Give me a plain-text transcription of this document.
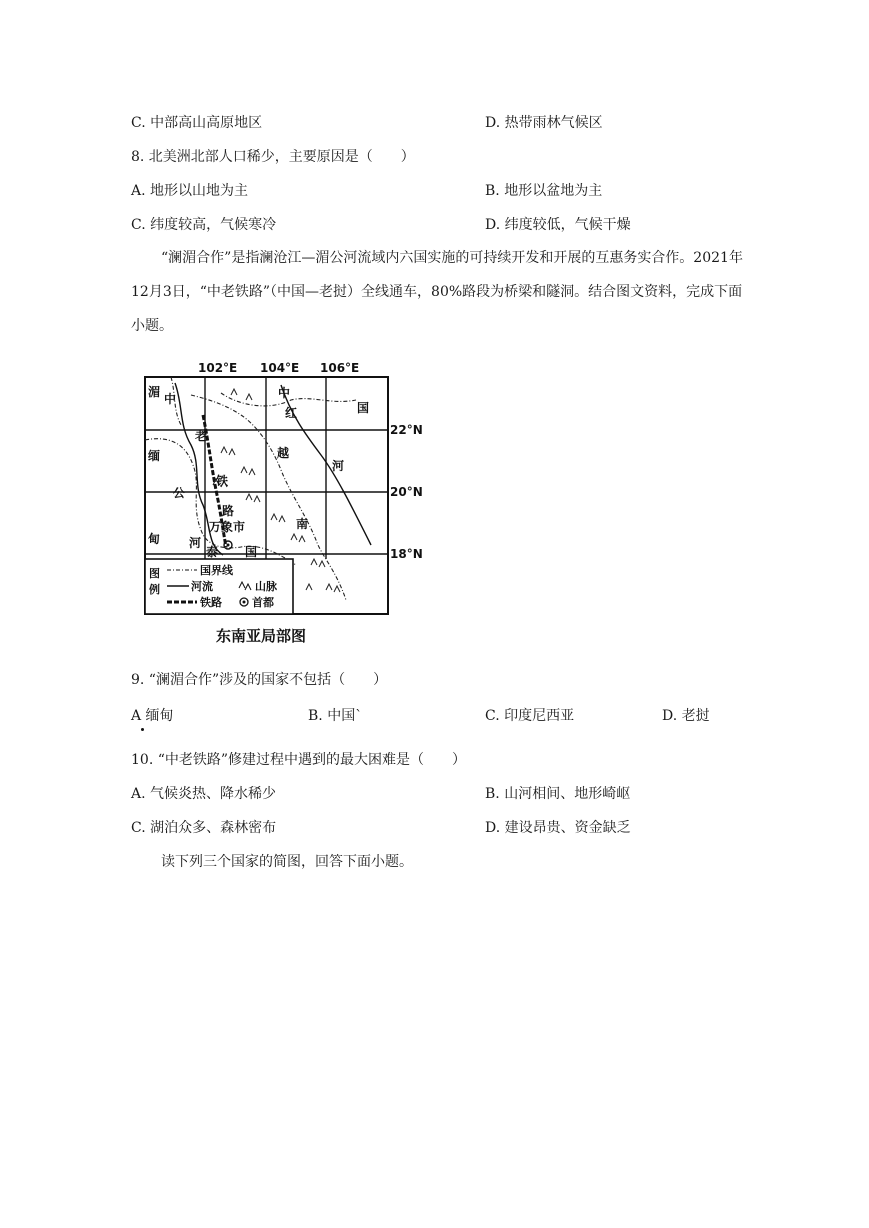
C. 中部高山高原地区	D. 热带雨林气候区
8. 北美洲北部人口稀少，主要原因是（　　）
A. 地形以山地为主	B. 地形以盆地为主
C. 纬度较高，气候寒冷	D. 纬度较低，气候干燥
“澜湄合作”是指澜沧江—湄公河流域内六国实施的可持续开发和开展的互惠务实合作。2021年12月3日，“中老铁路”（中国—老挝）全线通车，80%路段为桥梁和隧洞。结合图文资料，完成下面小题。
102°E 104°E 106°E
22°N
20°N
18°N
湄 中	中
国
红
缅
老
越
河
公
铁
路
万象市	南
甸 河
泰 国
图
例
国界线
河流
铁路
山脉
首都
东南亚局部图
9. “澜湄合作”涉及的国家不包括（　　）
A 缅甸	B. 中国`	C. 印度尼西亚	D. 老挝
10. “中老铁路”修建过程中遇到的最大困难是（　　）
A. 气候炎热、降水稀少	B. 山河相间、地形崎岖
C. 湖泊众多、森林密布	D. 建设昂贵、资金缺乏
读下列三个国家的简图，回答下面小题。
